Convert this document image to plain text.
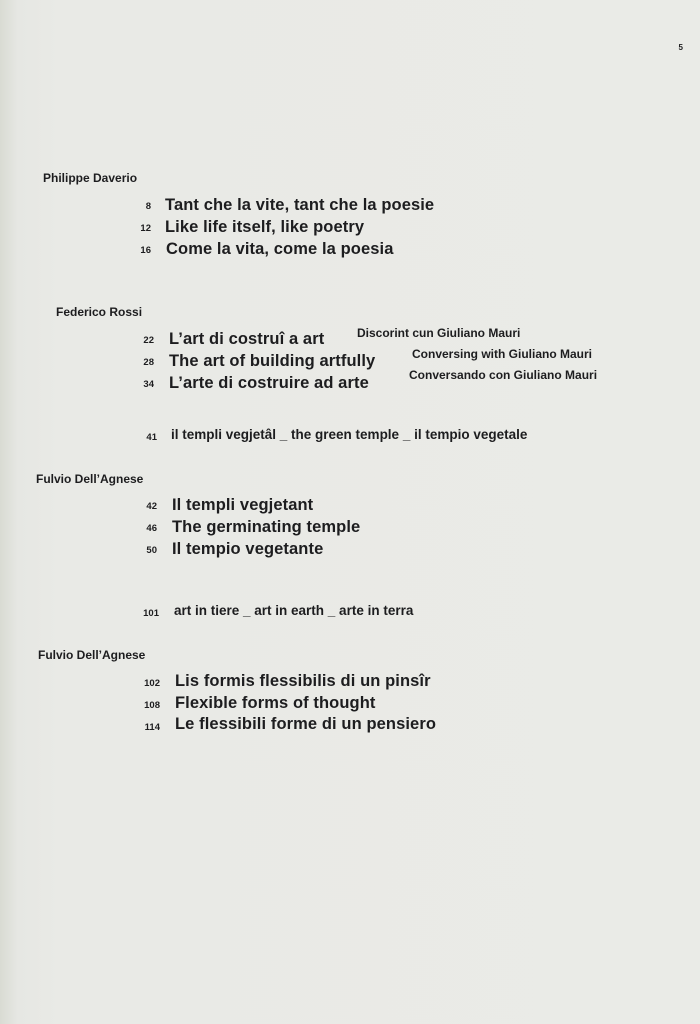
5
Philippe Daverio
8 Tant che la vite, tant che la poesie
12 Like life itself, like poetry
16 Come la vita, come la poesia
Federico Rossi
22 L’art di costruî a art	Discorint cun Giuliano Mauri
28 The art of building artfully	Conversing with Giuliano Mauri
34 L’arte di costruire ad arte	Conversando con Giuliano Mauri
41 il templi vegjetâl _ the green temple _ il tempio vegetale
Fulvio Dell’Agnese
42 Il templi vegjetant
46 The germinating temple
50 Il tempio vegetante
101 art in tiere _ art in earth _ arte in terra
Fulvio Dell’Agnese
102 Lis formis flessibilis di un pinsîr
108 Flexible forms of thought
114 Le flessibili forme di un pensiero
